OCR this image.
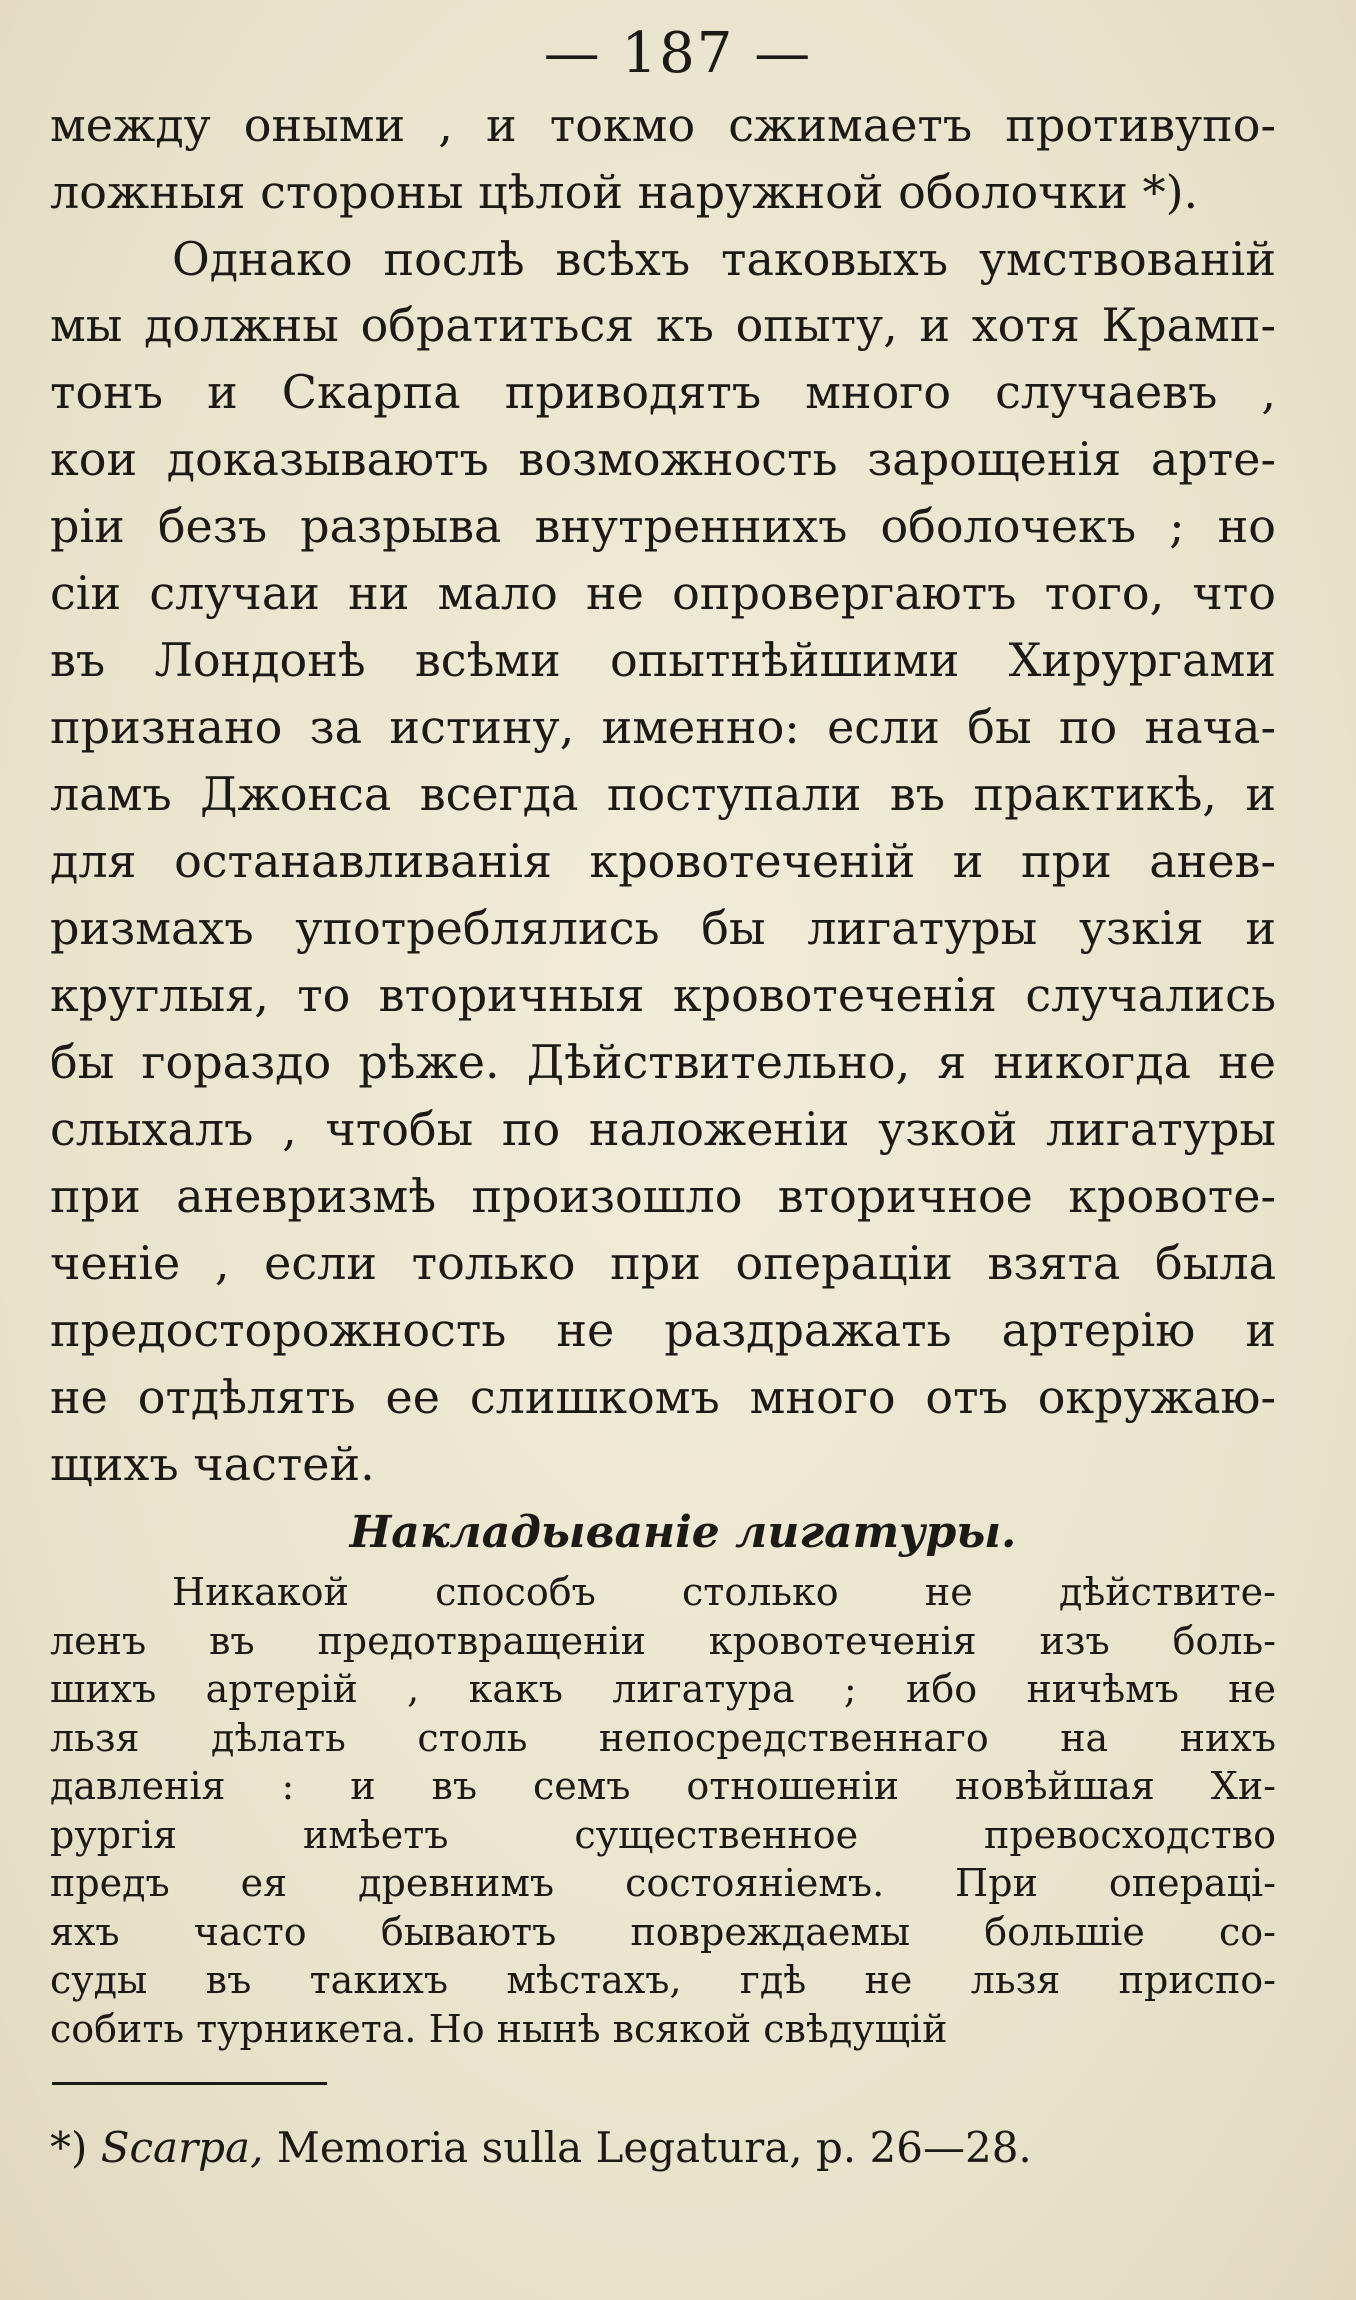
— 187 —
между оными , и токмо сжимаетъ противупо-
ложныя стороны цѣлой наружной оболочки *).
Однако послѣ всѣхъ таковыхъ умствованій
мы должны обратиться къ опыту, и хотя Крамп-
тонъ и Скарпа приводятъ много случаевъ ,
кои доказываютъ возможность зарощенія арте-
ріи безъ разрыва внутреннихъ оболочекъ ; но
сіи случаи ни мало не опровергаютъ того, что
въ Лондонѣ всѣми опытнѣйшими Хирургами
признано за истину, именно: если бы по нача-
ламъ Джонса всегда поступали въ практикѣ, и
для останавливанія кровотеченій и при анев-
ризмахъ употреблялись бы лигатуры узкія и
круглыя, то вторичныя кровотеченія случались
бы гораздо рѣже. Дѣйствительно, я никогда не
слыхалъ , чтобы по наложеніи узкой лигатуры
при аневризмѣ произошло вторичное кровоте-
ченіе , если только при операціи взята была
предосторожность не раздражать артерію и
не отдѣлять ее слишкомъ много отъ окружаю-
щихъ частей.
Накладываніе лигатуры.
Никакой способъ столько не дѣйствите-
ленъ въ предотвращеніи кровотеченія изъ боль-
шихъ артерій , какъ лигатура ; ибо ничѣмъ не
льзя дѣлать столь непосредственнаго на нихъ
давленія : и въ семъ отношеніи новѣйшая Хи-
рургія имѣетъ существенное превосходство
предъ ея древнимъ состояніемъ. При операці-
яхъ часто бываютъ повреждаемы большіе со-
суды въ такихъ мѣстахъ, гдѣ не льзя приспо-
собить турникета. Но нынѣ всякой свѣдущій
*) Scarpa, Memoria sulla Legatura, p. 26—28.
